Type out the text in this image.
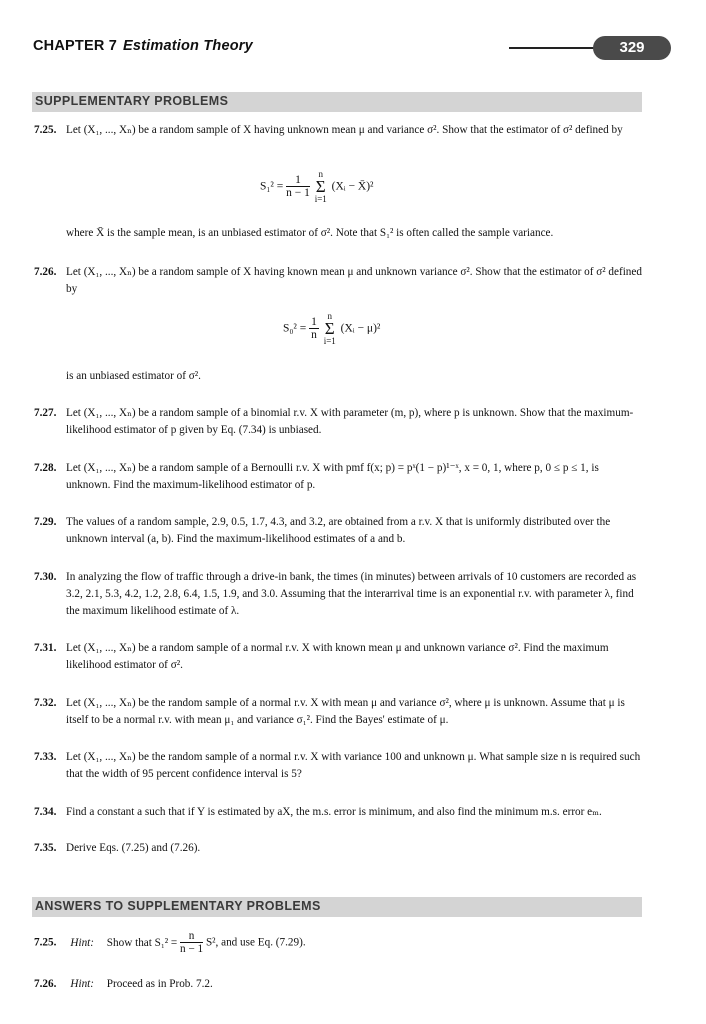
CHAPTER 7 Estimation Theory	329
SUPPLEMENTARY PROBLEMS
7.25. Let (X₁, ..., Xₙ) be a random sample of X having unknown mean μ and variance σ². Show that the estimator of σ² defined by
$S_1^2 = \frac{1}{n - 1}$ n
Σ
i=1 (Xᵢ − X̄)²
where X̄ is the sample mean, is an unbiased estimator of σ². Note that S₁² is often called the sample variance.
7.26. Let (X₁, ..., Xₙ) be a random sample of X having known mean μ and unknown variance σ². Show that the estimator of σ² defined by
$S_0^2 = \frac{1}{n}$ n
Σ
i=1 (Xᵢ − μ)²
is an unbiased estimator of σ².
7.27. Let (X₁, ..., Xₙ) be a random sample of a binomial r.v. X with parameter (m, p), where p is unknown. Show that the maximum-likelihood estimator of p given by Eq. (7.34) is unbiased.
7.28. Let (X₁, ..., Xₙ) be a random sample of a Bernoulli r.v. X with pmf f(x; p) = pˣ(1 − p)¹⁻ˣ, x = 0, 1, where p, 0 ≤ p ≤ 1, is unknown. Find the maximum-likelihood estimator of p.
7.29. The values of a random sample, 2.9, 0.5, 1.7, 4.3, and 3.2, are obtained from a r.v. X that is uniformly distributed over the unknown interval (a, b). Find the maximum-likelihood estimates of a and b.
7.30. In analyzing the flow of traffic through a drive-in bank, the times (in minutes) between arrivals of 10 customers are recorded as 3.2, 2.1, 5.3, 4.2, 1.2, 2.8, 6.4, 1.5, 1.9, and 3.0. Assuming that the interarrival time is an exponential r.v. with parameter λ, find the maximum likelihood estimate of λ.
7.31. Let (X₁, ..., Xₙ) be a random sample of a normal r.v. X with known mean μ and unknown variance σ². Find the maximum likelihood estimator of σ².
7.32. Let (X₁, ..., Xₙ) be the random sample of a normal r.v. X with mean μ and variance σ², where μ is unknown. Assume that μ is itself to be a normal r.v. with mean μ₁ and variance σ₁². Find the Bayes' estimate of μ.
7.33. Let (X₁, ..., Xₙ) be the random sample of a normal r.v. X with variance 100 and unknown μ. What sample size n is required such that the width of 95 percent confidence interval is 5?
7.34. Find a constant a such that if Y is estimated by aX, the m.s. error is minimum, and also find the minimum m.s. error eₘ.
7.35. Derive Eqs. (7.25) and (7.26).
ANSWERS TO SUPPLEMENTARY PROBLEMS
7.25. Hint: Show that $S_1^2 = \frac{n}{n - 1} S^2$, and use Eq. (7.29).
7.26. Hint: Proceed as in Prob. 7.2.
